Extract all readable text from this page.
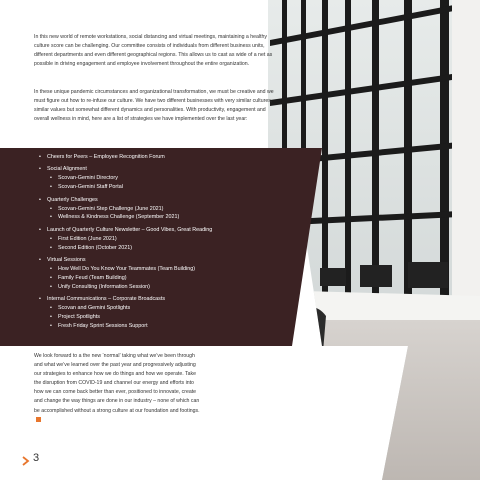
In this new world of remote workstations, social distancing and virtual meetings, maintaining a healthy culture score can be challenging. Our committee consists of individuals from different business units, different departments and even different geographical regions. This allows us to cast as wide of a net as possible in driving engagement and employee involvement throughout the entire organization.

In these unique pandemic circumstances and organizational transformation, we must be creative and we must figure out how to re-infuse our culture. We have two different businesses with very similar cultures, similar values but somewhat different dynamics and personalities. With productivity, engagement and overall wellness in mind, here are a list of strategies we have implemented over the last year:

• Cheers for Peers – Employee Recognition Forum
• Social Alignment
• Scovan-Gemini Directory
• Scovan-Gemini Staff Portal
• Quarterly Challenges
• Scovan-Gemini Step Challenge (June 2021)
• Wellness & Kindness Challenge (September 2021)
• Launch of Quarterly Culture Newsletter – Good Vibes, Great Reading
• First Edition (June 2021)
• Second Edition (October 2021)
• Virtual Sessions
• How Well Do You Know Your Teammates (Team Building)
• Family Feud (Team Building)
• Unify Consulting (Information Session)
• Internal Communications – Corporate Broadcasts
• Scovan and Gemini Spotlights
• Project Spotlights
• Fresh Friday Sprint Sessions Support

We look forward to a the new ‘normal’ taking what we’ve been through and what we’ve learned over the past year and progressively adjusting our strategies to enhance how we do things and how we operate. Take the disruption from COVID-19 and channel our energy and efforts into how we can come back better than ever, positioned to innovate, create and change the way things are done in our industry – none of which can be accomplished without a strong culture at our foundation and footings.

3
